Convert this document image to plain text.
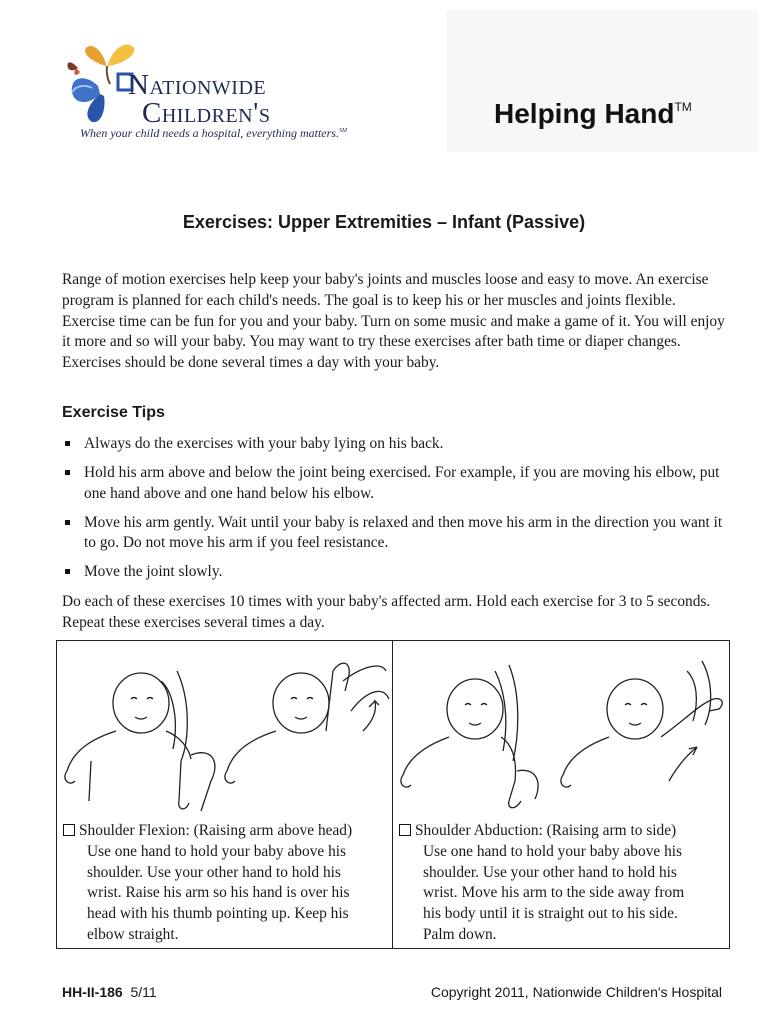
Nationwide
Children's
When your child needs a hospital, everything matters.℠
Helping Hand™
Exercises: Upper Extremities – Infant (Passive)

Range of motion exercises help keep your baby's joints and muscles loose and easy to move. An exercise program is planned for each child's needs. The goal is to keep his or her muscles and joints flexible. Exercise time can be fun for you and your baby. Turn on some music and make a game of it. You will enjoy it more and so will your baby. You may want to try these exercises after bath time or diaper changes. Exercises should be done several times a day with your baby.

Exercise Tips
Always do the exercises with your baby lying on his back.
Hold his arm above and below the joint being exercised. For example, if you are moving his elbow, put one hand above and one hand below his elbow.
Move his arm gently. Wait until your baby is relaxed and then move his arm in the direction you want it to go. Do not move his arm if you feel resistance.
Move the joint slowly.

Do each of these exercises 10 times with your baby's affected arm. Hold each exercise for 3 to 5 seconds. Repeat these exercises several times a day.

Shoulder Flexion: (Raising arm above head)
Use one hand to hold your baby above his
shoulder. Use your other hand to hold his
wrist. Raise his arm so his hand is over his
head with his thumb pointing up. Keep his
elbow straight.
Shoulder Abduction: (Raising arm to side)
Use one hand to hold your baby above his
shoulder. Use your other hand to hold his
wrist. Move his arm to the side away from
his body until it is straight out to his side.
Palm down.
HH-II-186 5/11	Copyright 2011, Nationwide Children's Hospital
